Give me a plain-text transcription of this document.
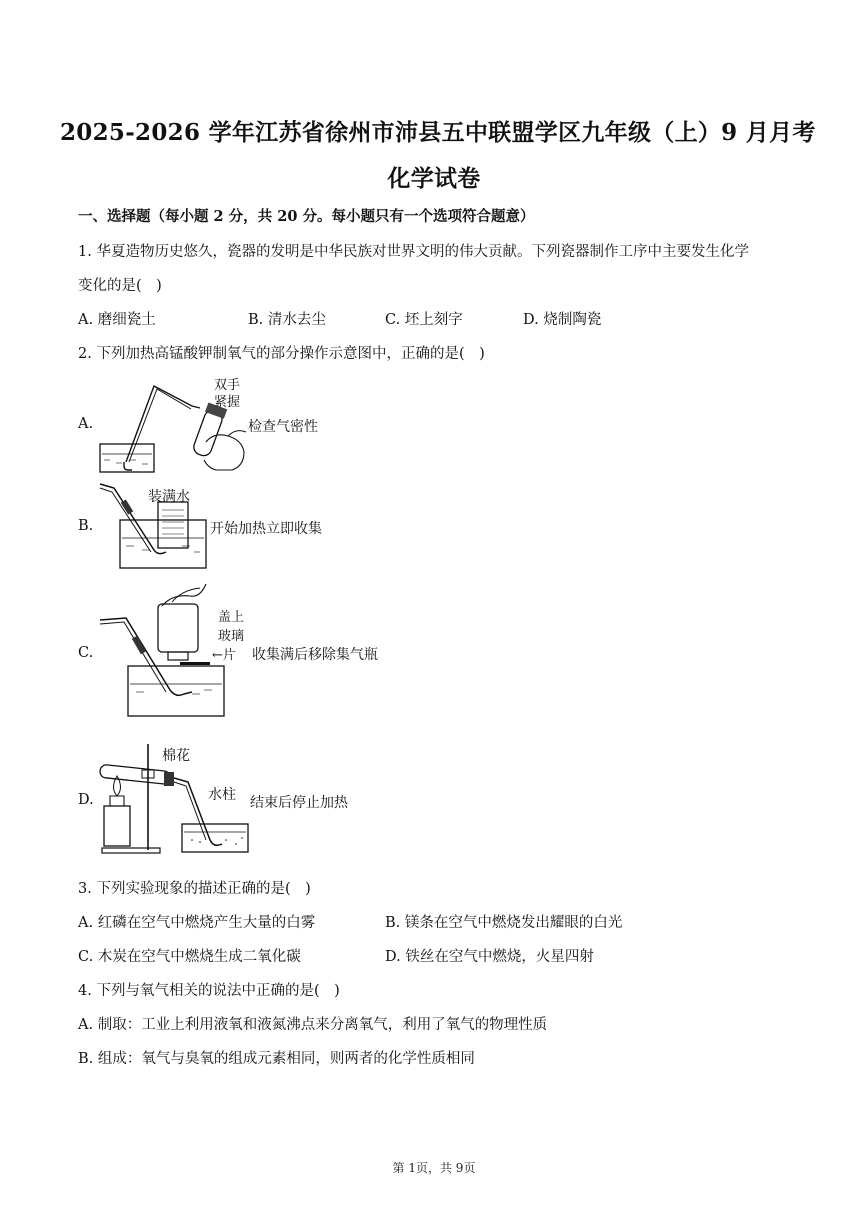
2025-2026 学年江苏省徐州市沛县五中联盟学区九年级（上）9 月月考
化学试卷
一、选择题（每小题 2 分，共 20 分。每小题只有一个选项符合题意）
1. 华夏造物历史悠久，瓷器的发明是中华民族对世界文明的伟大贡献。下列瓷器制作工序中主要发生化学
变化的是(　)
A. 磨细瓷土	B. 清水去尘	C. 坯上刻字	D. 烧制陶瓷
2. 下列加热高锰酸钾制氧气的部分操作示意图中，正确的是(　)
A.
双手
紧握
检查气密性
B.
装满水
开始加热立即收集
C.
盖上
玻璃
←片 收集满后移除集气瓶
D.
棉花
水柱 结束后停止加热
3. 下列实验现象的描述正确的是(　)
A. 红磷在空气中燃烧产生大量的白雾	B. 镁条在空气中燃烧发出耀眼的白光
C. 木炭在空气中燃烧生成二氧化碳	D. 铁丝在空气中燃烧，火星四射
4. 下列与氧气相关的说法中正确的是(　)
A. 制取：工业上利用液氧和液氮沸点来分离氧气，利用了氧气的物理性质
B. 组成：氧气与臭氧的组成元素相同，则两者的化学性质相同
第 1页，共 9页
